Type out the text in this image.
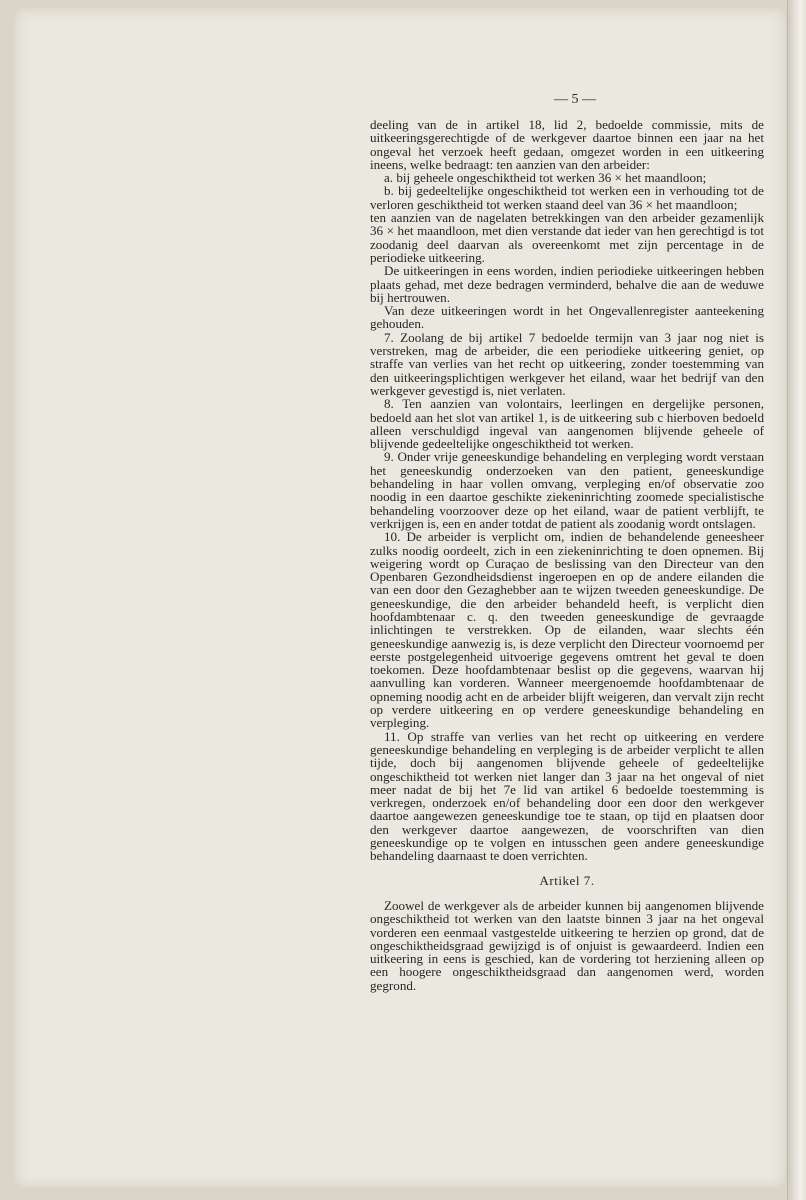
— 5 —

deeling van de in artikel 18, lid 2, bedoelde commissie, mits de uitkeeringsgerechtigde of de werkgever daartoe binnen een jaar na het ongeval het verzoek heeft gedaan, omgezet worden in een uitkeering ineens, welke bedraagt: ten aanzien van den arbeider:

a. bij geheele ongeschiktheid tot werken 36 × het maandloon;

b. bij gedeeltelijke ongeschiktheid tot werken een in verhouding tot de verloren geschiktheid tot werken staand deel van 36 × het maandloon;

ten aanzien van de nagelaten betrekkingen van den arbeider gezamenlijk 36 × het maandloon, met dien verstande dat ieder van hen gerechtigd is tot zoodanig deel daarvan als overeenkomt met zijn percentage in de periodieke uitkeering.

De uitkeeringen in eens worden, indien periodieke uitkeeringen hebben plaats gehad, met deze bedragen verminderd, behalve die aan de weduwe bij hertrouwen.

Van deze uitkeeringen wordt in het Ongevallenregister aanteekening gehouden.

7. Zoolang de bij artikel 7 bedoelde termijn van 3 jaar nog niet is verstreken, mag de arbeider, die een periodieke uitkeering geniet, op straffe van verlies van het recht op uitkeering, zonder toestemming van den uitkeeringsplichtigen werkgever het eiland, waar het bedrijf van den werkgever gevestigd is, niet verlaten.

8. Ten aanzien van volontairs, leerlingen en dergelijke personen, bedoeld aan het slot van artikel 1, is de uitkeering sub c hierboven bedoeld alleen verschuldigd ingeval van aangenomen blijvende geheele of blijvende gedeeltelijke ongeschiktheid tot werken.

9. Onder vrije geneeskundige behandeling en verpleging wordt verstaan het geneeskundig onderzoeken van den patient, geneeskundige behandeling in haar vollen omvang, verpleging en/of observatie zoo noodig in een daartoe geschikte ziekeninrichting zoomede specialistische behandeling voorzoover deze op het eiland, waar de patient verblijft, te verkrijgen is, een en ander totdat de patient als zoodanig wordt ontslagen.

10. De arbeider is verplicht om, indien de behandelende geneesheer zulks noodig oordeelt, zich in een ziekeninrichting te doen opnemen. Bij weigering wordt op Curaçao de beslissing van den Directeur van den Openbaren Gezondheidsdienst ingeroepen en op de andere eilanden die van een door den Gezaghebber aan te wijzen tweeden geneeskundige. De geneeskundige, die den arbeider behandeld heeft, is verplicht dien hoofdambtenaar c. q. den tweeden geneeskundige de gevraagde inlichtingen te verstrekken. Op de eilanden, waar slechts één geneeskundige aanwezig is, is deze verplicht den Directeur voornoemd per eerste postgelegenheid uitvoerige gegevens omtrent het geval te doen toekomen. Deze hoofdambtenaar beslist op die gegevens, waarvan hij aanvulling kan vorderen. Wanneer meergenoemde hoofdambtenaar de opneming noodig acht en de arbeider blijft weigeren, dan vervalt zijn recht op verdere uitkeering en op verdere geneeskundige behandeling en verpleging.

11. Op straffe van verlies van het recht op uitkeering en verdere geneeskundige behandeling en verpleging is de arbeider verplicht te allen tijde, doch bij aangenomen blijvende geheele of gedeeltelijke ongeschiktheid tot werken niet langer dan 3 jaar na het ongeval of niet meer nadat de bij het 7e lid van artikel 6 bedoelde toestemming is verkregen, onderzoek en/of behandeling door een door den werkgever daartoe aangewezen geneeskundige toe te staan, op tijd en plaatsen door den werkgever daartoe aangewezen, de voorschriften van dien geneeskundige op te volgen en intusschen geen andere geneeskundige behandeling daarnaast te doen verrichten.

Artikel 7.

Zoowel de werkgever als de arbeider kunnen bij aangenomen blijvende ongeschiktheid tot werken van den laatste binnen 3 jaar na het ongeval vorderen een eenmaal vastgestelde uitkeering te herzien op grond, dat de ongeschiktheidsgraad gewijzigd is of onjuist is gewaardeerd. Indien een uitkeering in eens is geschied, kan de vordering tot herziening alleen op een hoogere ongeschiktheidsgraad dan aangenomen werd, worden gegrond.
